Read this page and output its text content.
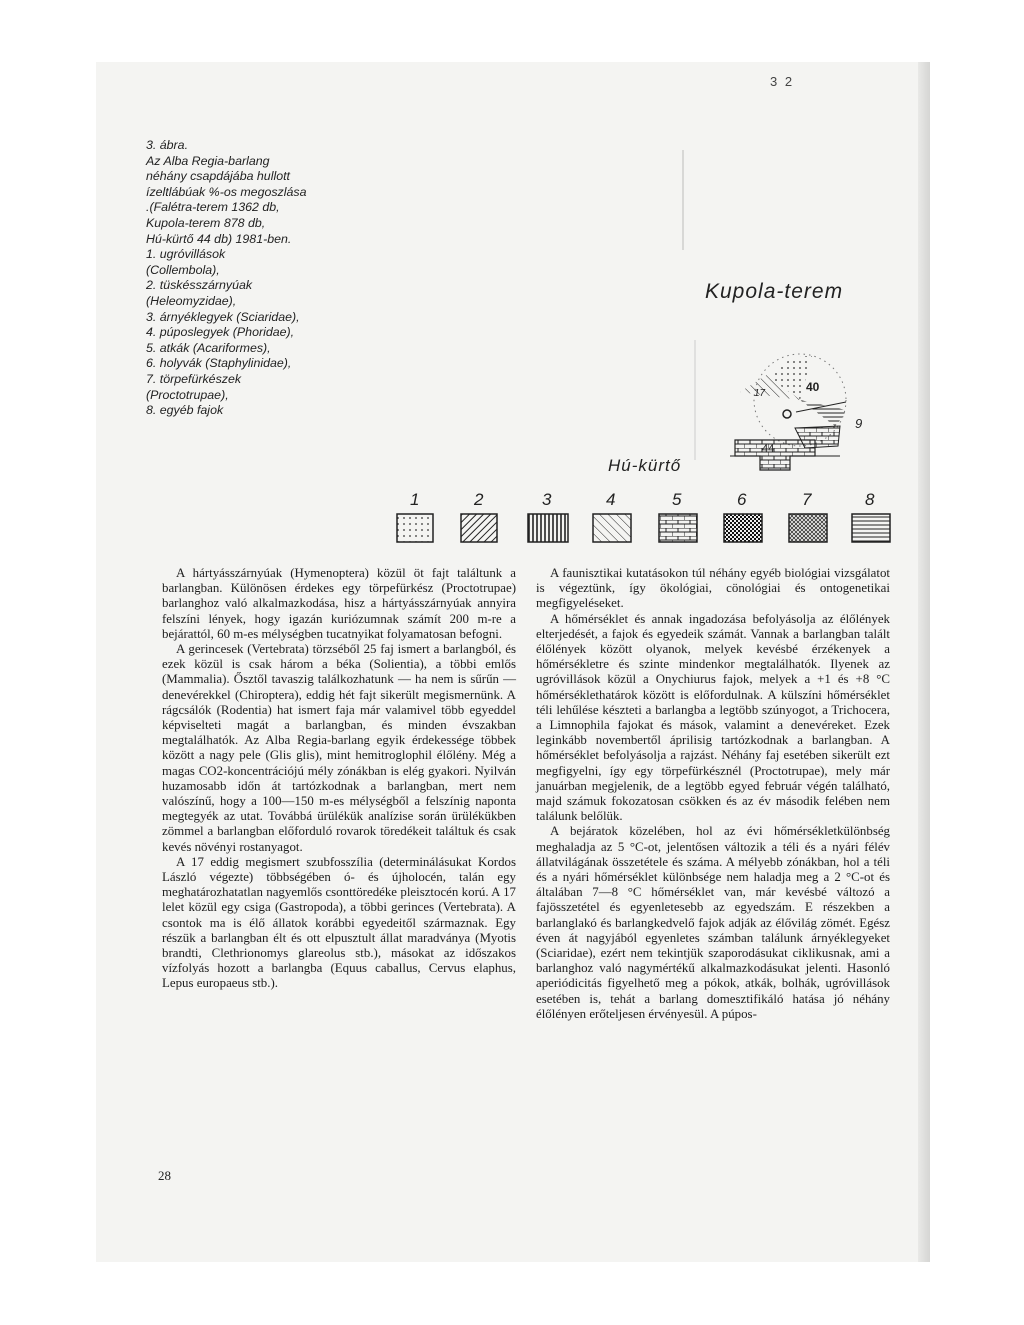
3 2
3. ábra.
Az Alba Regia-barlang
néhány csapdájába hullott
ízeltlábúak %-os megoszlása
.(Falétra-terem 1362 db,
Kupola-terem 878 db,
Hú-kürtő 44 db) 1981-ben.
1. ugróvillások
(Collembola),
2. tüskésszárnyúak
(Heleomyzidae),
3. árnyéklegyek (Sciaridae),
4. púposlegyek (Phoridae),
5. atkák (Acariformes),
6. holyvák (Staphylinidae),
7. törpefürkészek
(Proctotrupae),
8. egyéb fajok
Kupola-terem
Hú-kürtő
40
9
44
17
1	2	3	4	5	6	7	8

A hártyásszárnyúak (Hymenoptera) közül öt fajt találtunk a barlangban. Különösen érdekes egy törpefürkész (Proctotrupae) barlanghoz való alkalmazkodása, hisz a hártyásszárnyúak annyira felszíni lények, hogy igazán kuriózumnak számít 200 m-re a bejárattól, 60 m-es mélységben tucatnyikat folyamatosan befogni.

A gerincesek (Vertebrata) törzséből 25 faj ismert a barlangból, és ezek közül is csak három a béka (Solientia), a többi emlős (Mammalia). Ősztől tavaszig találkozhatunk — ha nem is sűrűn — denevérekkel (Chiroptera), eddig hét fajt sikerült megismernünk. A rágcsálók (Rodentia) hat ismert faja már valamivel több egyeddel képviselteti magát a barlangban, és minden évszakban megtalálhatók. Az Alba Regia-barlang egyik érdekessége többek között a nagy pele (Glis glis), mint hemitroglophil élőlény. Még a magas CO2-koncentrációjú mély zónákban is elég gyakori. Nyilván huzamosabb időn át tartózkodnak a barlangban, mert nem valószínű, hogy a 100—150 m-es mélységből a felszínig naponta megtegyék az utat. Továbbá ürülékük analízise során ürülékükben zömmel a barlangban előforduló rovarok töredékeit találtuk és csak kevés növényi rostanyagot.

A 17 eddig megismert szubfosszília (determinálásukat Kordos László végezte) többségében ó- és újholocén, talán egy meghatározhatatlan nagyemlős csonttöredéke pleisztocén korú. A 17 lelet közül egy csiga (Gastropoda), a többi gerinces (Vertebrata). A csontok ma is élő állatok korábbi egyedeitől származnak. Egy részük a barlangban élt és ott elpusztult állat maradványa (Myotis brandti, Clethrionomys glareolus stb.), másokat az időszakos vízfolyás hozott a barlangba (Equus caballus, Cervus elaphus, Lepus europaeus stb.).

A faunisztikai kutatásokon túl néhány egyéb biológiai vizsgálatot is végeztünk, így ökológiai, cönológiai és ontogenetikai megfigyeléseket.

A hőmérséklet és annak ingadozása befolyásolja az élőlények elterjedését, a fajok és egyedeik számát. Vannak a barlangban talált élőlények között olyanok, melyek kevésbé érzékenyek a hőmérsékletre és szinte mindenkor megtalálhatók. Ilyenek az ugróvillások közül a Onychiurus fajok, melyek a +1 és +8 °C hőmérséklethatárok között is előfordulnak. A külszíni hőmérséklet téli lehűlése készteti a barlangba a legtöbb szúnyogot, a Trichocera, a Limnophila fajokat és mások, valamint a denevéreket. Ezek leginkább novembertől áprilisig tartózkodnak a barlangban. A hőmérséklet befolyásolja a rajzást. Néhány faj esetében sikerült ezt megfigyelni, így egy törpefürkésznél (Proctotrupae), mely már januárban megjelenik, de a legtöbb egyed február végén található, majd számuk fokozatosan csökken és az év második felében nem találunk belőlük.

A bejáratok közelében, hol az évi hőmérsékletkülönbség meghaladja az 5 °C-ot, jelentősen változik a téli és a nyári félév állatvilágának összetétele és száma. A mélyebb zónákban, hol a téli és a nyári hőmérséklet különbsége nem haladja meg a 2 °C-ot és általában 7—8 °C hőmérséklet van, már kevésbé változó a fajösszetétel és egyenletesebb az egyedszám. E részekben a barlanglakó és barlangkedvelő fajok adják az élővilág zömét. Egész éven át nagyjából egyenletes számban találunk árnyéklegyeket (Sciaridae), ezért nem tekintjük szaporodásukat ciklikusnak, ami a barlanghoz való nagymértékű alkalmazkodásukat jelenti. Hasonló aperiódicitás figyelhető meg a pókok, atkák, bolhák, ugróvillások esetében is, tehát a barlang domesztifikáló hatása jó néhány élőlényen erőteljesen érvényesül. A púpos-

28
